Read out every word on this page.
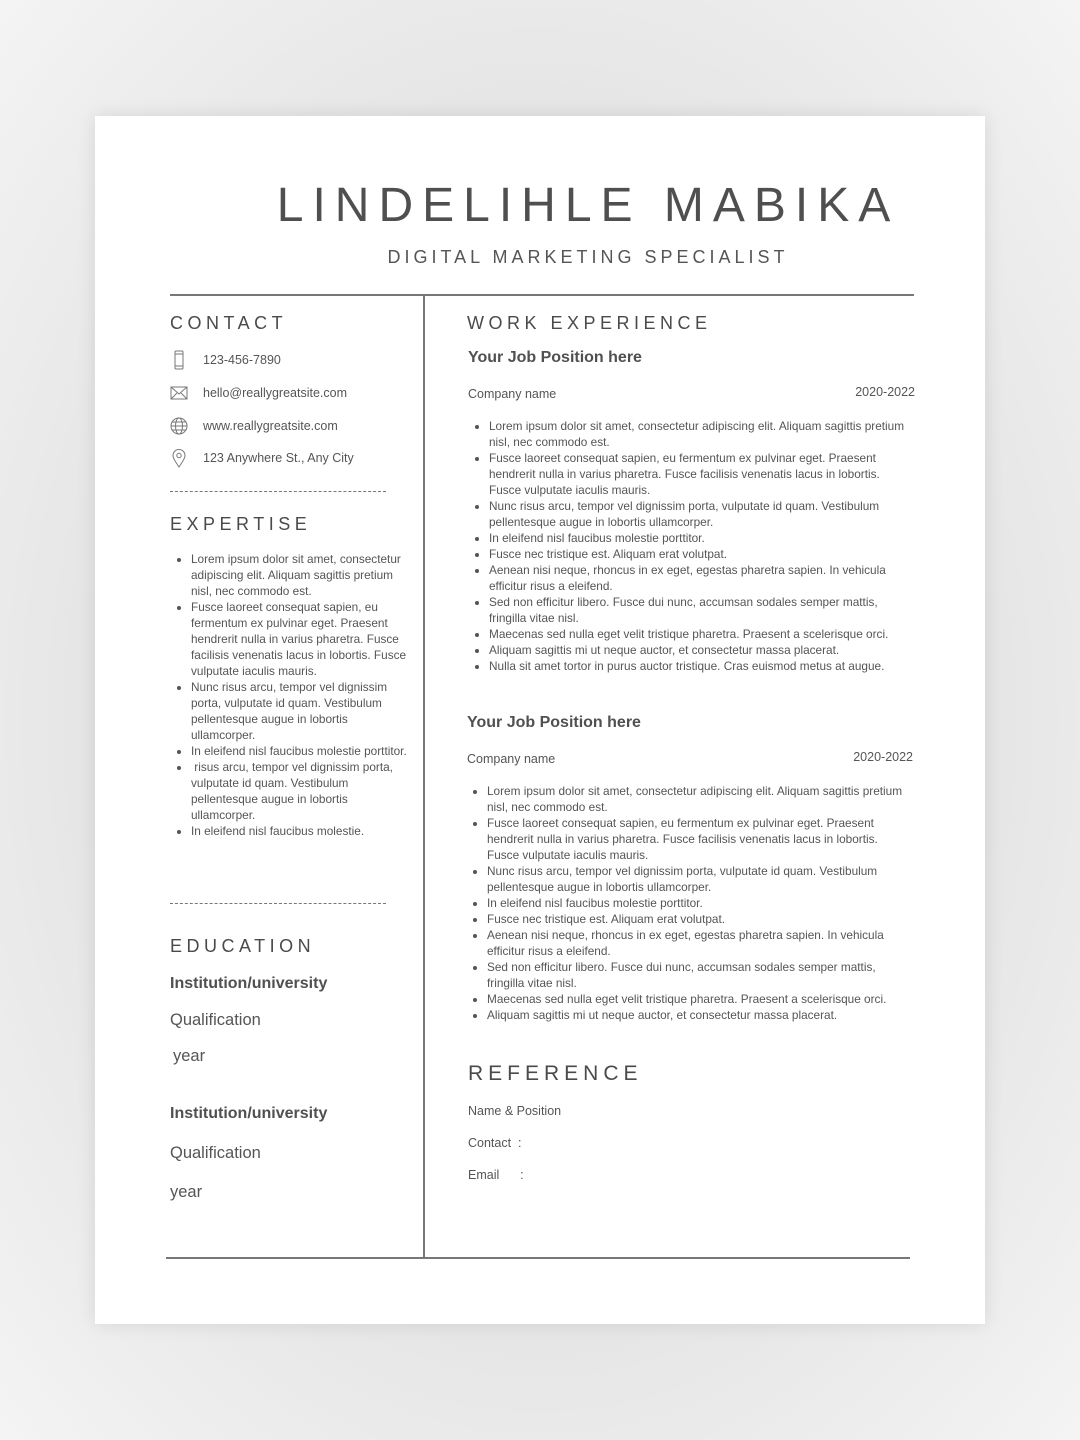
LINDELIHLE MABIKA
DIGITAL MARKETING SPECIALIST
CONTACT
123-456-7890
hello@reallygreatsite.com
www.reallygreatsite.com
123 Anywhere St., Any City
EXPERTISE
• Lorem ipsum dolor sit amet, consectetur adipiscing elit. Aliquam sagittis pretium nisl, nec commodo est.
• Fusce laoreet consequat sapien, eu fermentum ex pulvinar eget. Praesent hendrerit nulla in varius pharetra. Fusce facilisis venenatis lacus in lobortis. Fusce vulputate iaculis mauris.
• Nunc risus arcu, tempor vel dignissim porta, vulputate id quam. Vestibulum pellentesque augue in lobortis ullamcorper.
• In eleifend nisl faucibus molestie porttitor.
•  risus arcu, tempor vel dignissim porta, vulputate id quam. Vestibulum pellentesque augue in lobortis ullamcorper.
• In eleifend nisl faucibus molestie.
EDUCATION
Institution/university
Qualification
year
Institution/university
Qualification
year
WORK EXPERIENCE
Your Job Position here
Company name	2020-2022
• Lorem ipsum dolor sit amet, consectetur adipiscing elit. Aliquam sagittis pretium nisl, nec commodo est.
• Fusce laoreet consequat sapien, eu fermentum ex pulvinar eget. Praesent hendrerit nulla in varius pharetra. Fusce facilisis venenatis lacus in lobortis. Fusce vulputate iaculis mauris.
• Nunc risus arcu, tempor vel dignissim porta, vulputate id quam. Vestibulum pellentesque augue in lobortis ullamcorper.
• In eleifend nisl faucibus molestie porttitor.
• Fusce nec tristique est. Aliquam erat volutpat.
• Aenean nisi neque, rhoncus in ex eget, egestas pharetra sapien. In vehicula efficitur risus a eleifend.
• Sed non efficitur libero. Fusce dui nunc, accumsan sodales semper mattis, fringilla vitae nisl.
• Maecenas sed nulla eget velit tristique pharetra. Praesent a scelerisque orci.
• Aliquam sagittis mi ut neque auctor, et consectetur massa placerat.
• Nulla sit amet tortor in purus auctor tristique. Cras euismod metus at augue.
Your Job Position here
Company name	2020-2022
• Lorem ipsum dolor sit amet, consectetur adipiscing elit. Aliquam sagittis pretium nisl, nec commodo est.
• Fusce laoreet consequat sapien, eu fermentum ex pulvinar eget. Praesent hendrerit nulla in varius pharetra. Fusce facilisis venenatis lacus in lobortis. Fusce vulputate iaculis mauris.
• Nunc risus arcu, tempor vel dignissim porta, vulputate id quam. Vestibulum pellentesque augue in lobortis ullamcorper.
• In eleifend nisl faucibus molestie porttitor.
• Fusce nec tristique est. Aliquam erat volutpat.
• Aenean nisi neque, rhoncus in ex eget, egestas pharetra sapien. In vehicula efficitur risus a eleifend.
• Sed non efficitur libero. Fusce dui nunc, accumsan sodales semper mattis, fringilla vitae nisl.
• Maecenas sed nulla eget velit tristique pharetra. Praesent a scelerisque orci.
• Aliquam sagittis mi ut neque auctor, et consectetur massa placerat.
REFERENCE
Name & Position
Contact  :
Email      :
